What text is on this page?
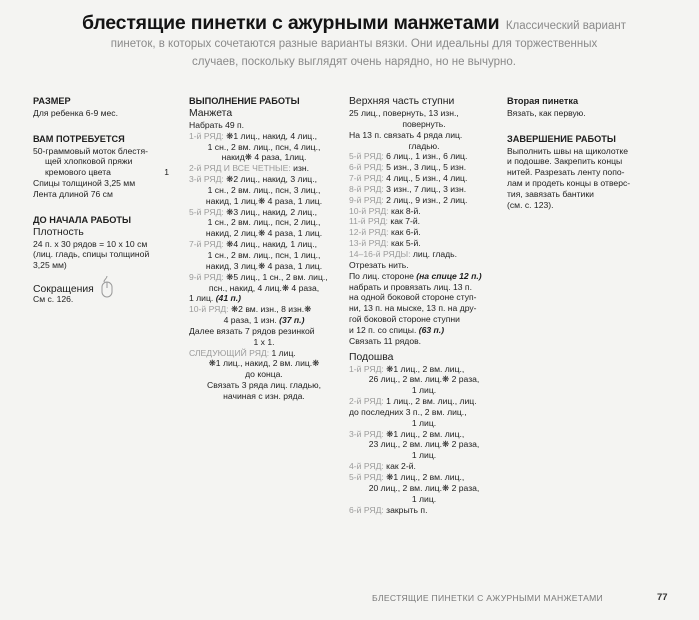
блестящие пинетки с ажурными манжетами Классический вариант

пинеток, в которых сочетаются разные варианты вязки. Они идеальны для торжественных

случаев, поскольку выглядят очень нарядно, но не вычурно.

РАЗМЕР

Для ребенка 6-9 мес.

ВАМ ПОТРЕБУЕТСЯ

50-граммовый моток блестя-

щей хлопковой пряжи

кремового цвета	1

Спицы толщиной 3,25 мм

Лента длиной 76 см

ДО НАЧАЛА РАБОТЫ

Плотность

24 п. х 30 рядов = 10 х 10 см

(лиц. гладь, спицы толщиной

3,25 мм)

Сокращения

См с. 126.

ВЫПОЛНЕНИЕ РАБОТЫ

Манжета

Набрать 49 п.

1-й РЯД: ❋1 лиц., накид, 4 лиц.,

1 сн., 2 вм. лиц., псн, 4 лиц.,

накид❋ 4 раза, 1лиц.

2-й РЯД И ВСЕ ЧЕТНЫЕ: изн.

3-й РЯД: ❋2 лиц., накид, 3 лиц.,

1 сн., 2 вм. лиц., псн, 3 лиц.,

накид, 1 лиц.❋ 4 раза, 1 лиц.

5-й РЯД: ❋3 лиц., накид, 2 лиц.,

1 сн., 2 вм. лиц., псн, 2 лиц.,

накид, 2 лиц.❋ 4 раза, 1 лиц.

7-й РЯД: ❋4 лиц., накид, 1 лиц.,

1 сн., 2 вм. лиц., псн, 1 лиц.,

накид, 3 лиц.❋ 4 раза, 1 лиц.

9-й РЯД: ❋5 лиц., 1 сн., 2 вм. лиц.,

псн., накид, 4 лиц.❋ 4 раза,

1 лиц. (41 п.)

10-й РЯД: ❋2 вм. изн., 8 изн.❋

4 раза, 1 изн. (37 п.)

Далее вязать 7 рядов резинкой

1 х 1.

СЛЕДУЮЩИЙ РЯД: 1 лиц.

❋1 лиц., накид, 2 вм. лиц.❋

до конца.

Связать 3 ряда лиц. гладью,

начиная с изн. ряда.

Верхняя часть ступни

25 лиц., повернуть, 13 изн.,

повернуть.

На 13 п. связать 4 ряда лиц.

гладью.

5-й РЯД: 6 лиц., 1 изн., 6 лиц.

6-й РЯД: 5 изн., 3 лиц., 5 изн.

7-й РЯД: 4 лиц., 5 изн., 4 лиц.

8-й РЯД: 3 изн., 7 лиц., 3 изн.

9-й РЯД: 2 лиц., 9 изн., 2 лиц.

10-й РЯД: как 8-й.

11-й РЯД: как 7-й.

12-й РЯД: как 6-й.

13-й РЯД: как 5-й.

14–16-й РЯДЫ: лиц. гладь.

Отрезать нить.

По лиц. стороне (на спице 12 п.)

набрать и провязать лиц. 13 п.

на одной боковой стороне ступ-

ни, 13 п. на мыске, 13 п. на дру-

гой боковой стороне ступни

и 12 п. со спицы. (63 п.)

Связать 11 рядов.

Подошва

1-й РЯД: ❋1 лиц., 2 вм. лиц.,

26 лиц., 2 вм. лиц.❋ 2 раза,

1 лиц.

2-й РЯД: 1 лиц., 2 вм. лиц., лиц.

до последних 3 п., 2 вм. лиц.,

1 лиц.

3-й РЯД: ❋1 лиц., 2 вм. лиц.,

23 лиц., 2 вм. лиц.❋ 2 раза,

1 лиц.

4-й РЯД: как 2-й.

5-й РЯД: ❋1 лиц., 2 вм. лиц.,

20 лиц., 2 вм. лиц.❋ 2 раза,

1 лиц.

6-й РЯД: закрыть п.

Вторая пинетка

Вязать, как первую.

ЗАВЕРШЕНИЕ РАБОТЫ

Выполнить швы на щиколотке

и подошве. Закрепить концы

нитей. Разрезать ленту попо-

лам и продеть концы в отверс-

тия, завязать бантики

(см. с. 123).

БЛЕСТЯЩИЕ ПИНЕТКИ С АЖУРНЫМИ МАНЖЕТАМИ	77
